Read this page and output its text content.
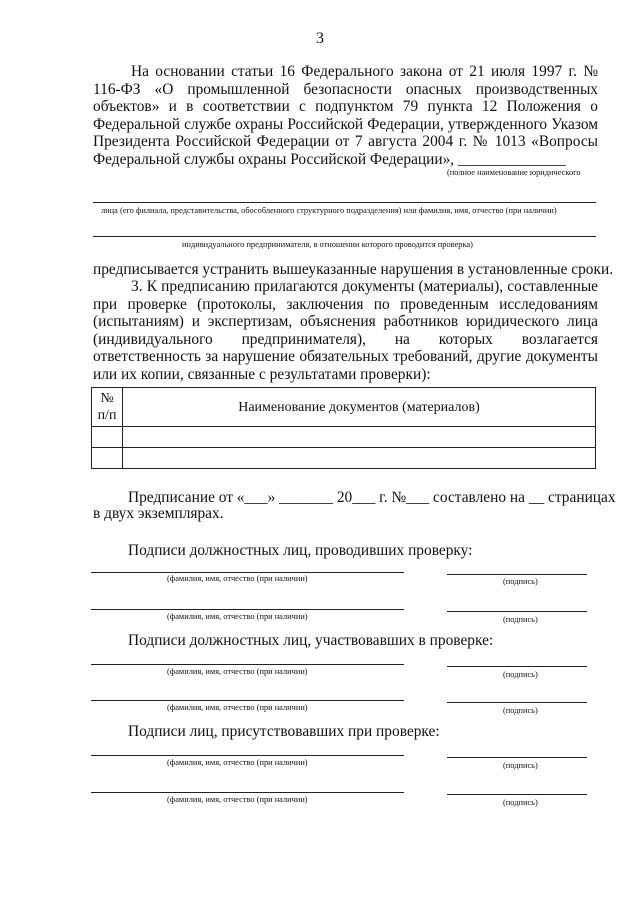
3
На основании статьи 16 Федерального закона от 21 июля 1997 г. № 116-ФЗ «О промышленной безопасности опасных производственных объектов» и в соответствии с подпунктом 79 пункта 12 Положения о Федеральной службе охраны Российской Федерации, утвержденного Указом Президента Российской Федерации от 7 августа 2004 г. № 1013 «Вопросы Федеральной службы охраны Российской Федерации», ______________
(полное наименование юридического
лица (его филиала, представительства, обособленного структурного подразделения) или фамилия, имя, отчество (при наличии)
индивидуального предпринимателя, в отношении которого проводится проверка)
предписывается устранить вышеуказанные нарушения в установленные сроки.
3. К предписанию прилагаются документы (материалы), составленные при проверке (протоколы, заключения по проведенным исследованиям (испытаниям) и экспертизам, объяснения работников юридического лица (индивидуального предпринимателя), на которых возлагается ответственность за нарушение обязательных требований, другие документы или их копии, связанные с результатами проверки):
№
п/п	Наименование документов (материалов)

Предписание от «___» _______ 20___ г. №___ составлено на __ страницах
в двух экземплярах.
Подписи должностных лиц, проводивших проверку:
(фамилия, имя, отчество (при наличии)	(подпись)
(фамилия, имя, отчество (при наличии)	(подпись)
Подписи должностных лиц, участвовавших в проверке:
(фамилия, имя, отчество (при наличии)	(подпись)
(фамилия, имя, отчество (при наличии)	(подпись)
Подписи лиц, присутствовавших при проверке:
(фамилия, имя, отчество (при наличии)	(подпись)
(фамилия, имя, отчество (при наличии)	(подпись)
